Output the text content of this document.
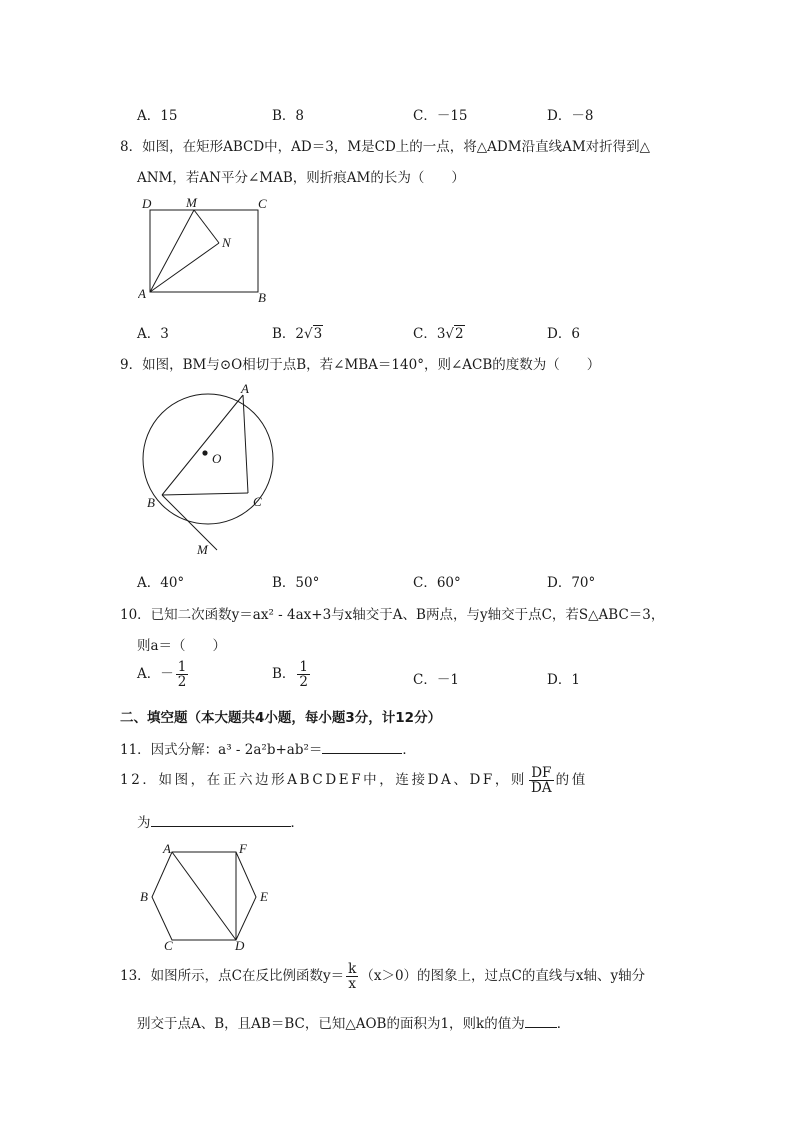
A．15	B．8	C．－15	D．－8
8．如图，在矩形ABCD中，AD＝3，M是CD上的一点，将△ADM沿直线AM对折得到△
ANM，若AN平分∠MAB，则折痕AM的长为（　　）
D	M	C
N
A	B
A．3	B．2√3	C．3√2	D．6
9．如图，BM与⊙O相切于点B，若∠MBA＝140°，则∠ACB的度数为（　　）
A
O
B	C
M
A．40°	B．50°	C．60°	D．70°
10．已知二次函数y＝ax² - 4ax+3与x轴交于A、B两点，与y轴交于点C，若S△ABC＝3，
则a＝（　　）
A．－ $\frac{1}{2}$	B． $\frac{1}{2}$	C．－1	D．1
二、填空题（本大题共4小题，每小题3分，计12分）
11．因式分解：a³ - 2a²b+ab²＝	．
12．如图，在正六边形ABCDEF中，连接DA、DF，则 $\frac{DF}{DA}$ 的值
为	．
A	F
B	E
C	D
13．如图所示，点C在反比例函数$y= \frac{k}{x} (x>0)$的图象上，过点C的直线与x轴、y轴分
别交于点A、B，且AB＝BC，已知△AOB的面积为1，则k的值为 ．
